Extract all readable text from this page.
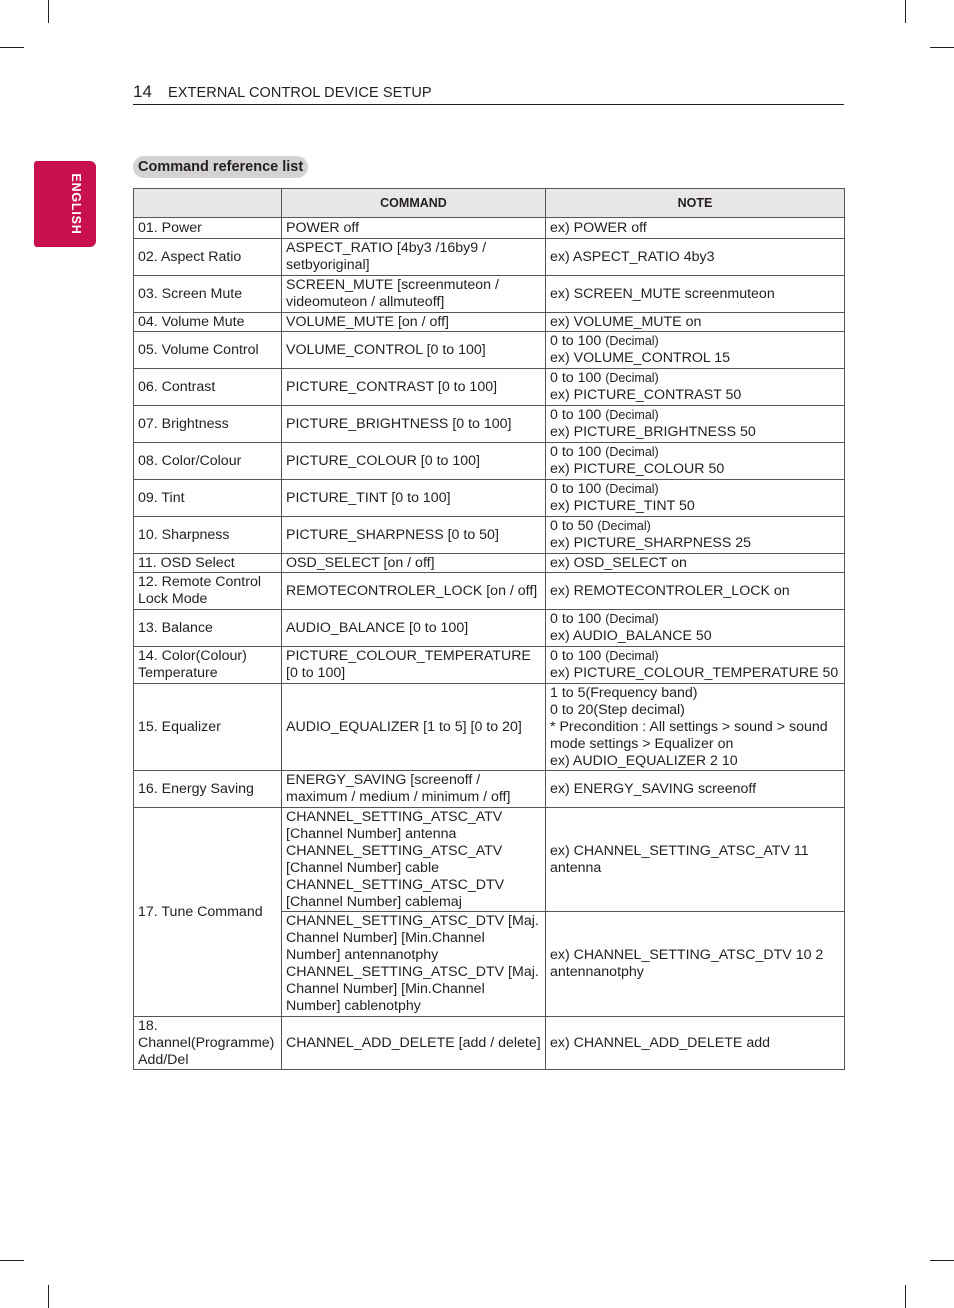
14 EXTERNAL CONTROL DEVICE SETUP
ENGLISH
Command reference list
	COMMAND	NOTE
01. Power	POWER off	ex) POWER off
02. Aspect Ratio	ASPECT_RATIO [4by3 /16by9 / setbyoriginal]	ex) ASPECT_RATIO 4by3
03. Screen Mute	SCREEN_MUTE [screenmuteon / videomuteon / allmuteoff]	ex) SCREEN_MUTE screenmuteon
04. Volume Mute	VOLUME_MUTE [on / off]	ex) VOLUME_MUTE on
05. Volume Control	VOLUME_CONTROL [0 to 100]	0 to 100 (Decimal)
ex) VOLUME_CONTROL 15

06. Contrast	PICTURE_CONTRAST [0 to 100]	0 to 100 (Decimal)
ex) PICTURE_CONTRAST 50

07. Brightness	PICTURE_BRIGHTNESS [0 to 100]	0 to 100 (Decimal)
ex) PICTURE_BRIGHTNESS 50

08. Color/Colour	PICTURE_COLOUR [0 to 100]	0 to 100 (Decimal)
ex) PICTURE_COLOUR 50

09. Tint	PICTURE_TINT [0 to 100]	0 to 100 (Decimal)
ex) PICTURE_TINT 50

10. Sharpness	PICTURE_SHARPNESS [0 to 50]	0 to 50 (Decimal)
ex) PICTURE_SHARPNESS 25

11. OSD Select	OSD_SELECT [on / off]	ex) OSD_SELECT on
12. Remote Control Lock Mode	REMOTECONTROLER_LOCK [on / off]	ex) REMOTECONTROLER_LOCK on
13. Balance	AUDIO_BALANCE [0 to 100]	0 to 100 (Decimal)
ex) AUDIO_BALANCE 50

14. Color(Colour)
Temperature	PICTURE_COLOUR_TEMPERATURE [0 to 100]	0 to 100 (Decimal)
ex) PICTURE_COLOUR_TEMPERATURE 50

15. Equalizer	AUDIO_EQUALIZER [1 to 5] [0 to 20]	1 to 5(Frequency band)
0 to 20(Step decimal)
* Precondition : All settings > sound > sound mode settings > Equalizer on
ex) AUDIO_EQUALIZER 2 10

16. Energy Saving	ENERGY_SAVING [screenoff / maximum / medium / minimum / off]	ex) ENERGY_SAVING screenoff
17. Tune Command	CHANNEL_SETTING_ATSC_ATV [Channel Number] antenna
CHANNEL_SETTING_ATSC_ATV [Channel Number] cable
CHANNEL_SETTING_ATSC_DTV [Channel Number] cablemaj	ex) CHANNEL_SETTING_ATSC_ATV 11 antenna

	CHANNEL_SETTING_ATSC_DTV [Maj. Channel Number] [Min.Channel Number] antennanotphy
CHANNEL_SETTING_ATSC_DTV [Maj. Channel Number] [Min.Channel Number] cablenotphy	ex) CHANNEL_SETTING_ATSC_DTV 10 2 antennanotphy

18.
Channel(Programme)
Add/Del	CHANNEL_ADD_DELETE [add / delete]	ex) CHANNEL_ADD_DELETE add
